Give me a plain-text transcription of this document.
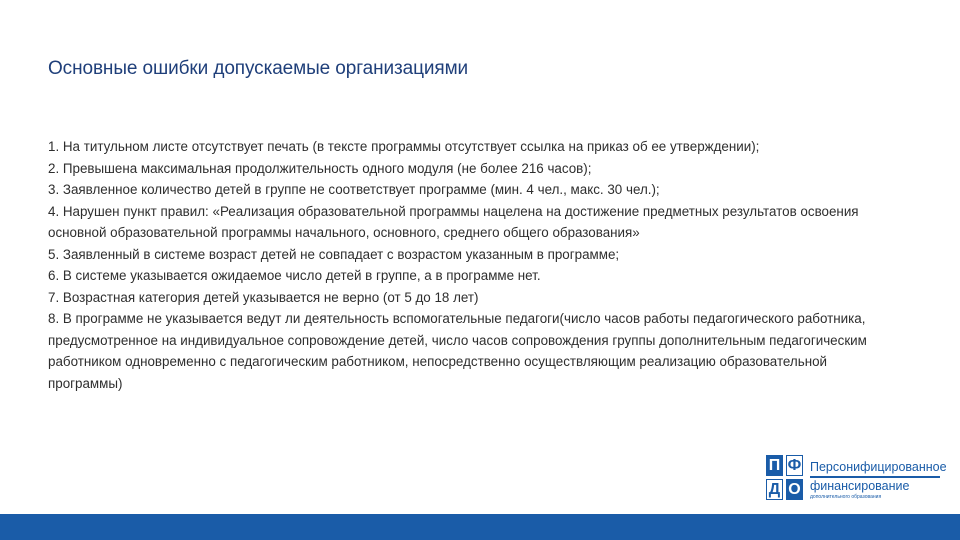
Основные ошибки допускаемые организациями

1. На титульном листе отсутствует печать (в тексте программы отсутствует ссылка на приказ об ее утверждении);

2. Превышена максимальная продолжительность одного модуля (не более 216 часов);

3. Заявленное количество детей в группе не соответствует программе (мин. 4 чел., макс. 30 чел.);

4. Нарушен пункт правил: «Реализация образовательной программы нацелена на достижение предметных результатов освоения основной образовательной программы начального, основного, среднего общего образования»

5. Заявленный в системе возраст детей не совпадает с возрастом указанным в программе;

6. В системе указывается ожидаемое число детей в группе, а в программе нет.

7. Возрастная категория детей указывается не верно (от 5 до 18 лет)

8. В программе не указывается ведут ли деятельность вспомогательные педагоги(число часов работы педагогического работника, предусмотренное на индивидуальное сопровождение детей, число часов сопровождения группы дополнительным педагогическим работником одновременно с педагогическим работником, непосредственно осуществляющим реализацию образовательной программы)

П Ф
Д О
Персонифицированное
финансирование
дополнительного образования
